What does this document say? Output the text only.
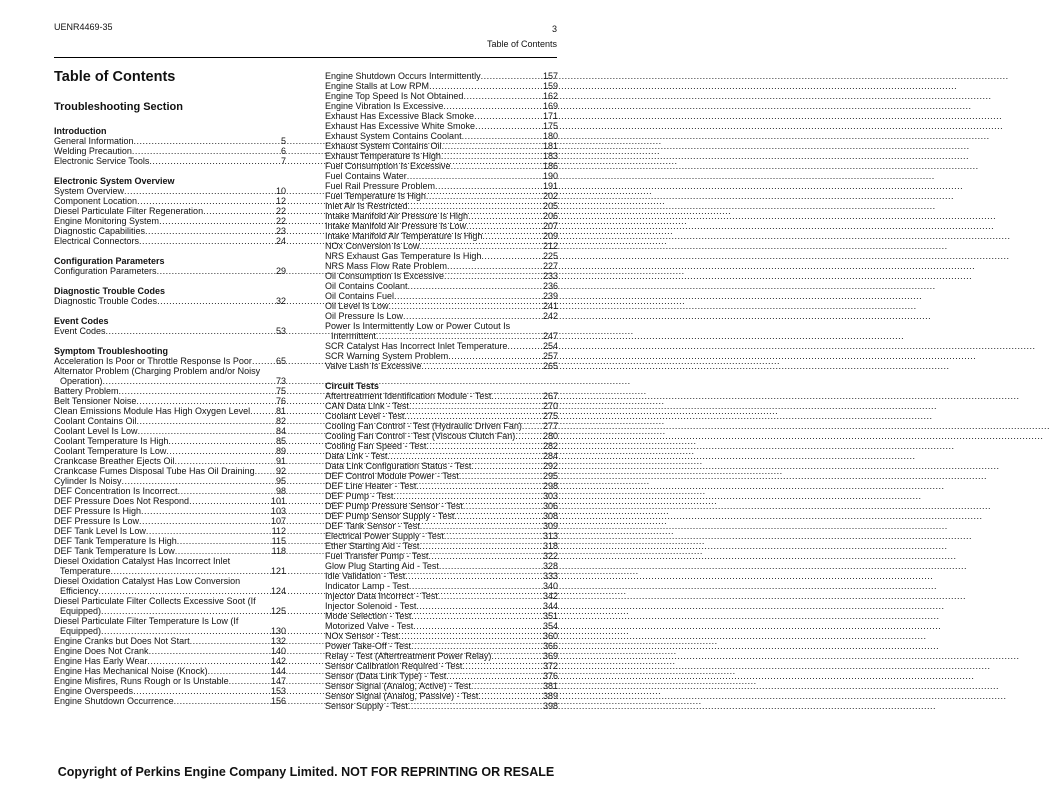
UENR4469-35	3
Table of Contents
Table of Contents
Troubleshooting Section
Introduction
General Information .....	5
Welding Precaution .....	6
Electronic Service Tools .....	7
Electronic System Overview
System Overview .....	10
Component Location .....	12
Diesel Particulate Filter Regeneration .....	22
Engine Monitoring System .....	22
Diagnostic Capabilities .....	23
Electrical Connectors .....	24
Configuration Parameters
Configuration Parameters .....	29
Diagnostic Trouble Codes
Diagnostic Trouble Codes .....	32
Event Codes
Event Codes .....	53
Symptom Troubleshooting
Acceleration Is Poor or Throttle Response Is Poor .....	65
Alternator Problem (Charging Problem and/or Noisy
Operation) .....	73
Battery Problem .....	75
Belt Tensioner Noise .....	76
Clean Emissions Module Has High Oxygen Level .....	81
Coolant Contains Oil .....	82
Coolant Level Is Low .....	84
Coolant Temperature Is High .....	85
Coolant Temperature Is Low .....	89
Crankcase Breather Ejects Oil .....	91
Crankcase Fumes Disposal Tube Has Oil Draining ..... 92
Cylinder Is Noisy .....	95
DEF Concentration Is Incorrect .....	98
DEF Pressure Does Not Respond .....	101
DEF Pressure Is High .....	103
DEF Pressure Is Low .....	107
DEF Tank Level Is Low .....	112
DEF Tank Temperature Is High .....	115
DEF Tank Temperature Is Low .....	118
Diesel Oxidation Catalyst Has Incorrect Inlet
Temperature .....	121
Diesel Oxidation Catalyst Has Low Conversion
Efficiency .....	124
Diesel Particulate Filter Collects Excessive Soot (If
Equipped) .....	125
Diesel Particulate Filter Temperature Is Low (If
Equipped) .....	130
Engine Cranks but Does Not Start .....	132
Engine Does Not Crank .....	140
Engine Has Early Wear .....	142
Engine Has Mechanical Noise (Knock) .....	144
Engine Misfires, Runs Rough or Is Unstable .....	147
Engine Overspeeds .....	153
Engine Shutdown Occurrence .....	156
Engine Shutdown Occurs Intermittently .....	157
Engine Stalls at Low RPM .....	159
Engine Top Speed Is Not Obtained .....	162
Engine Vibration Is Excessive .....	169
Exhaust Has Excessive Black Smoke .....	171
Exhaust Has Excessive White Smoke .....	175
Exhaust System Contains Coolant .....	180
Exhaust System Contains Oil .....	181
Exhaust Temperature Is High .....	183
Fuel Consumption Is Excessive .....	186
Fuel Contains Water .....	190
Fuel Rail Pressure Problem .....	191
Fuel Temperature Is High .....	202
Inlet Air Is Restricted .....	205
Intake Manifold Air Pressure Is High .....	206
Intake Manifold Air Pressure Is Low .....	207
Intake Manifold Air Temperature Is High .....	209
NOx Conversion Is Low .....	212
NRS Exhaust Gas Temperature Is High .....	225
NRS Mass Flow Rate Problem .....	227
Oil Consumption Is Excessive .....	233
Oil Contains Coolant .....	236
Oil Contains Fuel .....	239
Oil Level Is Low .....	241
Oil Pressure Is Low .....	242
Power Is Intermittently Low or Power Cutout Is
Intermittent .....	247
SCR Catalyst Has Incorrect Inlet Temperature .....	254
SCR Warning System Problem .....	257
Valve Lash Is Excessive .....	265
Circuit Tests
Aftertreatment Identification Module - Test .....	267
CAN Data Link - Test .....	270
Coolant Level - Test .....	275
Cooling Fan Control - Test (Hydraulic Driven Fan) ..... 277
Cooling Fan Control - Test (Viscous Clutch Fan) .....	280
Cooling Fan Speed - Test .....	282
Data Link - Test .....	284
Data Link Configuration Status - Test .....	292
DEF Control Module Power - Test .....	295
DEF Line Heater - Test .....	298
DEF Pump - Test .....	303
DEF Pump Pressure Sensor - Test .....	306
DEF Pump Sensor Supply - Test .....	308
DEF Tank Sensor - Test .....	309
Electrical Power Supply - Test .....	313
Ether Starting Aid - Test .....	318
Fuel Transfer Pump - Test .....	322
Glow Plug Starting Aid - Test .....	328
Idle Validation - Test .....	333
Indicator Lamp - Test .....	340
Injector Data Incorrect - Test .....	342
Injector Solenoid - Test .....	344
Mode Selection - Test .....	351
Motorized Valve - Test .....	354
NOx Sensor - Test .....	360
Power Take-Off - Test .....	366
Relay - Test (Aftertreatment Power Relay) .....	369
Sensor Calibration Required - Test .....	372
Sensor (Data Link Type) - Test .....	376
Sensor Signal (Analog, Active) - Test .....	381
Sensor Signal (Analog, Passive) - Test .....	389
Sensor Supply - Test .....	398
Copyright of Perkins Engine Company Limited. NOT FOR REPRINTING OR RESALE
